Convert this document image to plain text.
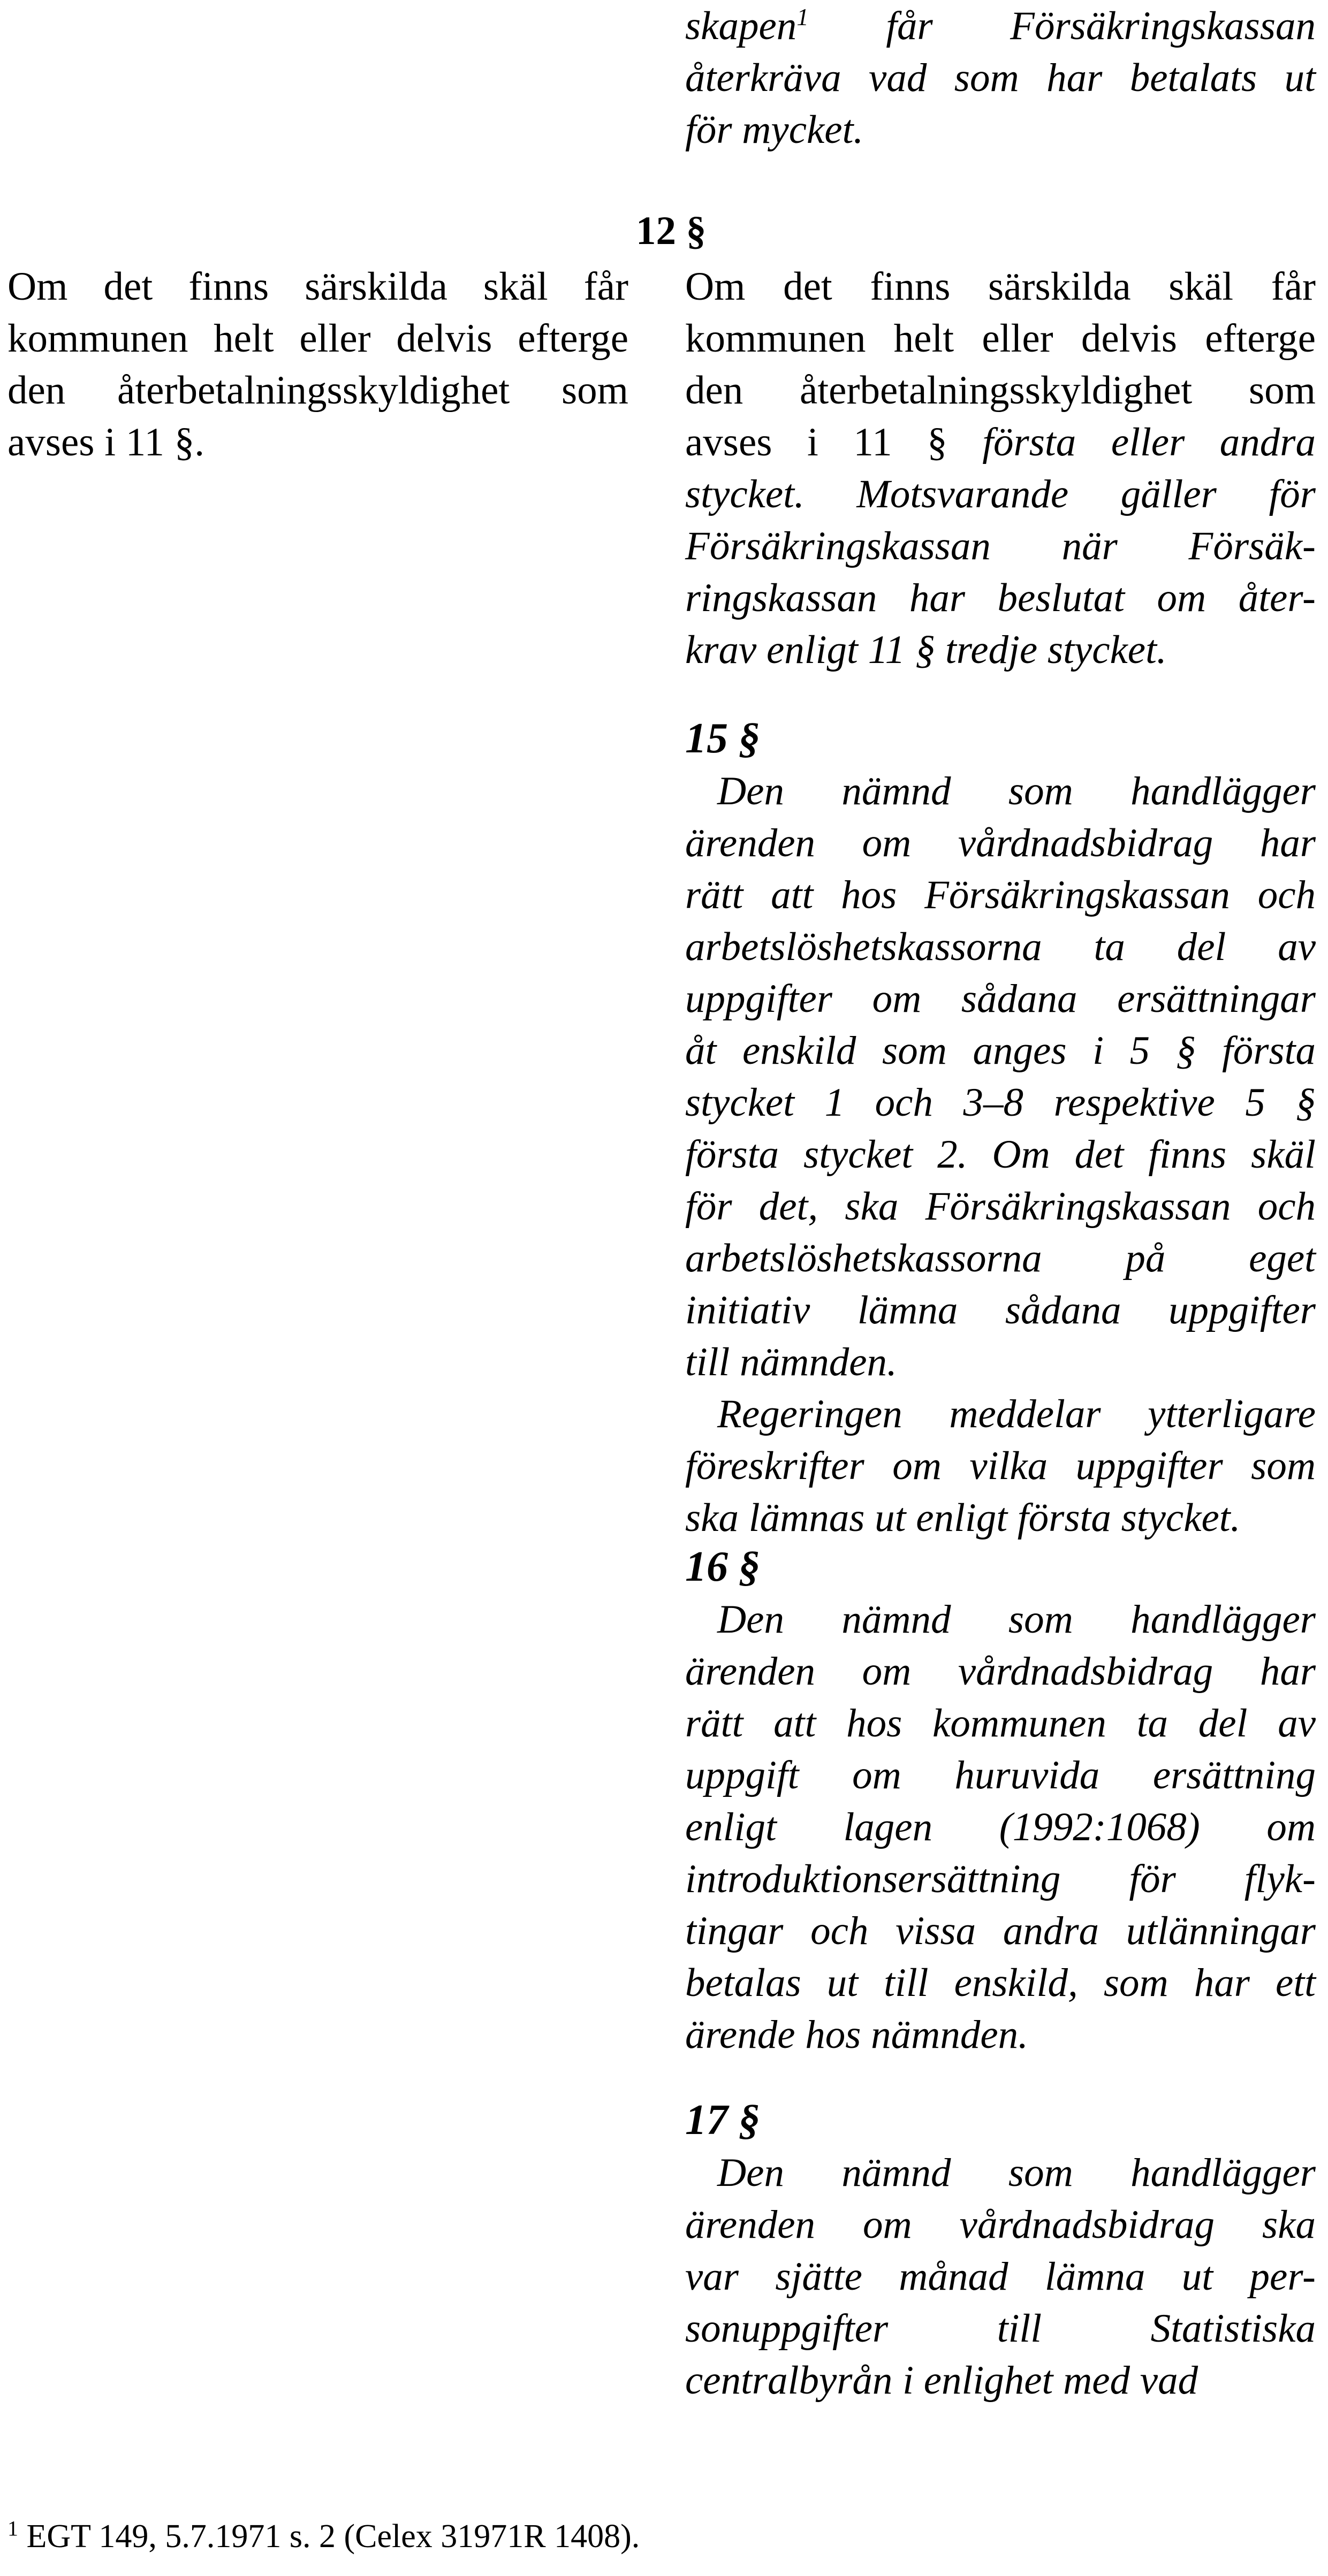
skapen$^1$ får Försäkringskassan
återkräva vad som har betalats ut
för mycket.
Om det finns särskilda skäl får
kommunen helt eller delvis efterge
den återbetalningsskyldighet som
avses i 11 § första eller andra
stycket. Motsvarande gäller för
Försäkringskassan när Försäk-
ringskassan har beslutat om åter-
krav enligt 11 § tredje stycket.
15 §
Den nämnd som handlägger
ärenden om vårdnadsbidrag har
rätt att hos Försäkringskassan och
arbetslöshetskassorna ta del av
uppgifter om sådana ersättningar
åt enskild som anges i 5 § första
stycket 1 och 3–8 respektive 5 §
första stycket 2. Om det finns skäl
för det, ska Försäkringskassan och
arbetslöshetskassorna på eget
initiativ lämna sådana uppgifter
till nämnden.
Regeringen meddelar ytterligare
föreskrifter om vilka uppgifter som
ska lämnas ut enligt första stycket.
16 §
Den nämnd som handlägger
ärenden om vårdnadsbidrag har
rätt att hos kommunen ta del av
uppgift om huruvida ersättning
enligt lagen (1992:1068) om
introduktionsersättning för flyk-
tingar och vissa andra utlänningar
betalas ut till enskild, som har ett
ärende hos nämnden.
17 §
Den nämnd som handlägger
ärenden om vårdnadsbidrag ska
var sjätte månad lämna ut per-
sonuppgifter till Statistiska
centralbyrån i enlighet med vad
12 §
Om det finns särskilda skäl får
kommunen helt eller delvis efterge
den återbetalningsskyldighet som
avses i 11 §.
$^1$ EGT 149, 5.7.1971 s. 2 (Celex 31971R 1408).
